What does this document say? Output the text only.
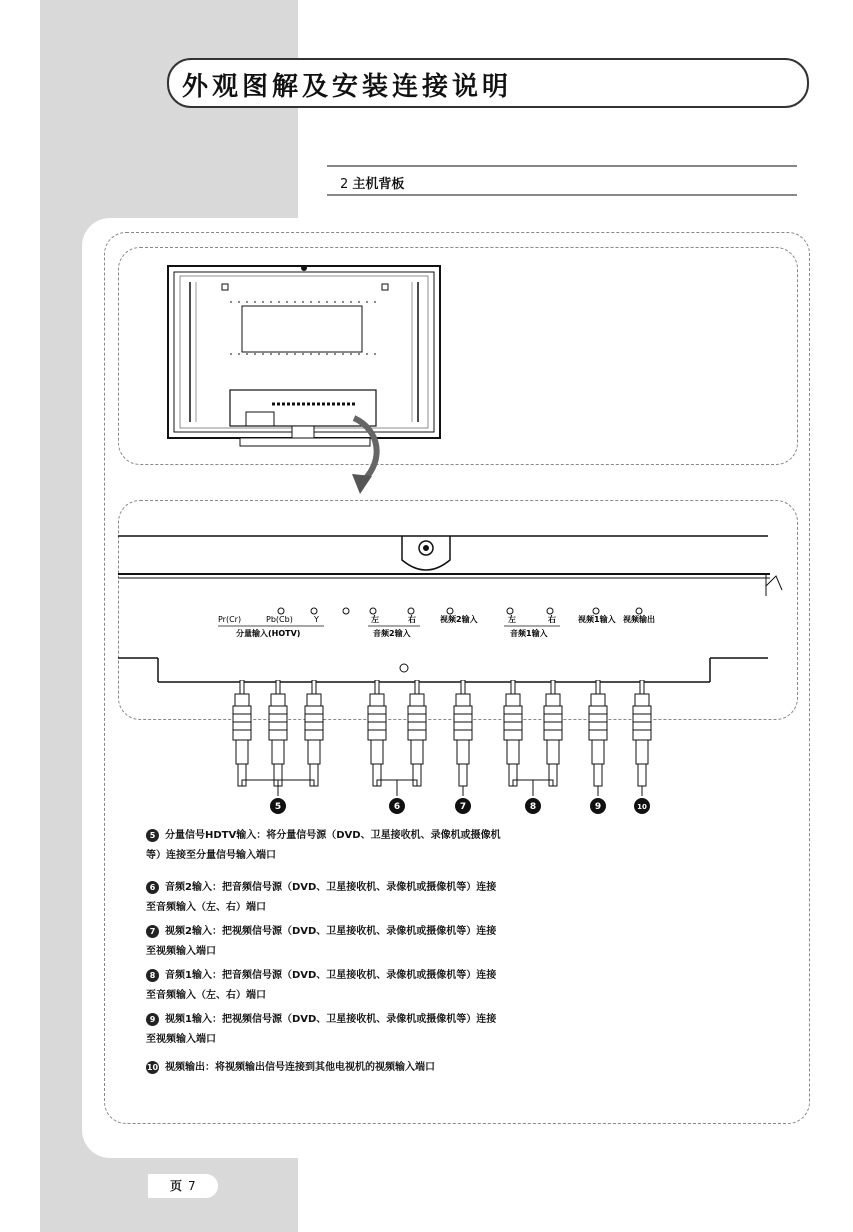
外观图解及安装连接说明
2 主机背板
Pr(Cr)	Pb(Cb)	Y
分量输入(HOTV)
左	右
音频2输入
视频2输入	左	右
音频1输入
视频1输入 视频输出
5	6	7	8	9	10
5 分量信号HDTV输入：将分量信号源（DVD、卫星接收机、录像机或摄像机等）连接至分量信号输入端口
6 音频2输入：把音频信号源（DVD、卫星接收机、录像机或摄像机等）连接至音频输入（左、右）端口
7 视频2输入：把视频信号源（DVD、卫星接收机、录像机或摄像机等）连接至视频输入端口
8 音频1输入：把音频信号源（DVD、卫星接收机、录像机或摄像机等）连接至音频输入（左、右）端口
9 视频1输入：把视频信号源（DVD、卫星接收机、录像机或摄像机等）连接至视频输入端口
10 视频输出：将视频输出信号连接到其他电视机的视频输入端口
页 7
